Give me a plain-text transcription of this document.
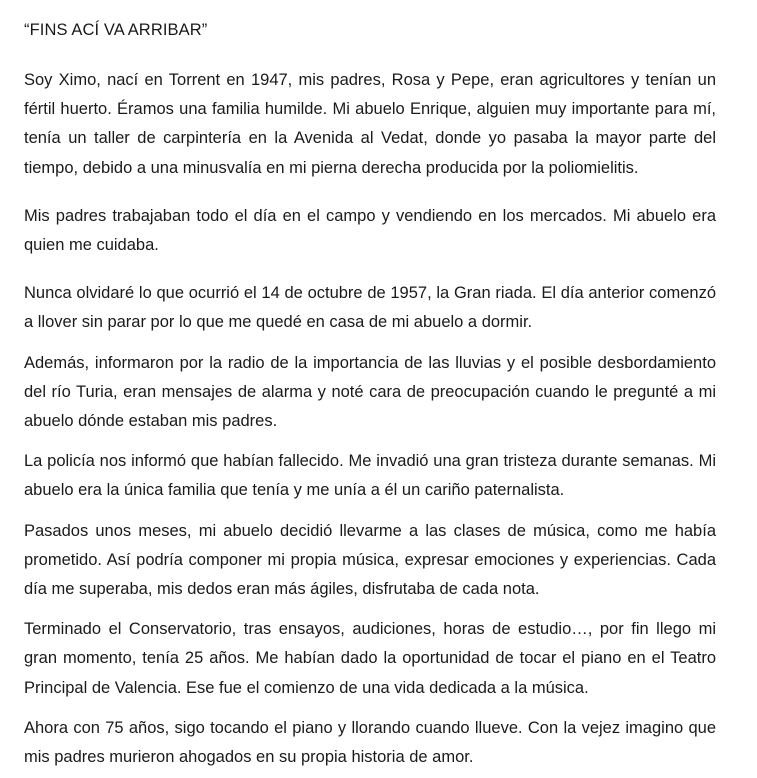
“FINS ACÍ VA ARRIBAR”

Soy Ximo, nací en Torrent en 1947, mis padres, Rosa y Pepe, eran agricultores y tenían un fértil huerto. Éramos una familia humilde. Mi abuelo Enrique, alguien muy importante para mí, tenía un taller de carpintería en la Avenida al Vedat, donde yo pasaba la mayor parte del tiempo, debido a una minusvalía en mi pierna derecha producida por la poliomielitis.

Mis padres trabajaban todo el día en el campo y vendiendo en los mercados. Mi abuelo era quien me cuidaba.

Nunca olvidaré lo que ocurrió el 14 de octubre de 1957, la Gran riada. El día anterior comenzó a llover sin parar por lo que me quedé en casa de mi abuelo a dormir.

Además, informaron por la radio de la importancia de las lluvias y el posible desbordamiento del río Turia, eran mensajes de alarma y noté cara de preocupación cuando le pregunté a mi abuelo dónde estaban mis padres.

La policía nos informó que habían fallecido. Me invadió una gran tristeza durante semanas. Mi abuelo era la única familia que tenía y me unía a él un cariño paternalista.

Pasados unos meses, mi abuelo decidió llevarme a las clases de música, como me había prometido. Así podría componer mi propia música, expresar emociones y experiencias. Cada día me superaba, mis dedos eran más ágiles, disfrutaba de cada nota.

Terminado el Conservatorio, tras ensayos, audiciones, horas de estudio…, por fin llego mi gran momento, tenía 25 años. Me habían dado la oportunidad de tocar el piano en el Teatro Principal de Valencia. Ese fue el comienzo de una vida dedicada a la música.

Ahora con 75 años, sigo tocando el piano y llorando cuando llueve. Con la vejez imagino que mis padres murieron ahogados en su propia historia de amor.
